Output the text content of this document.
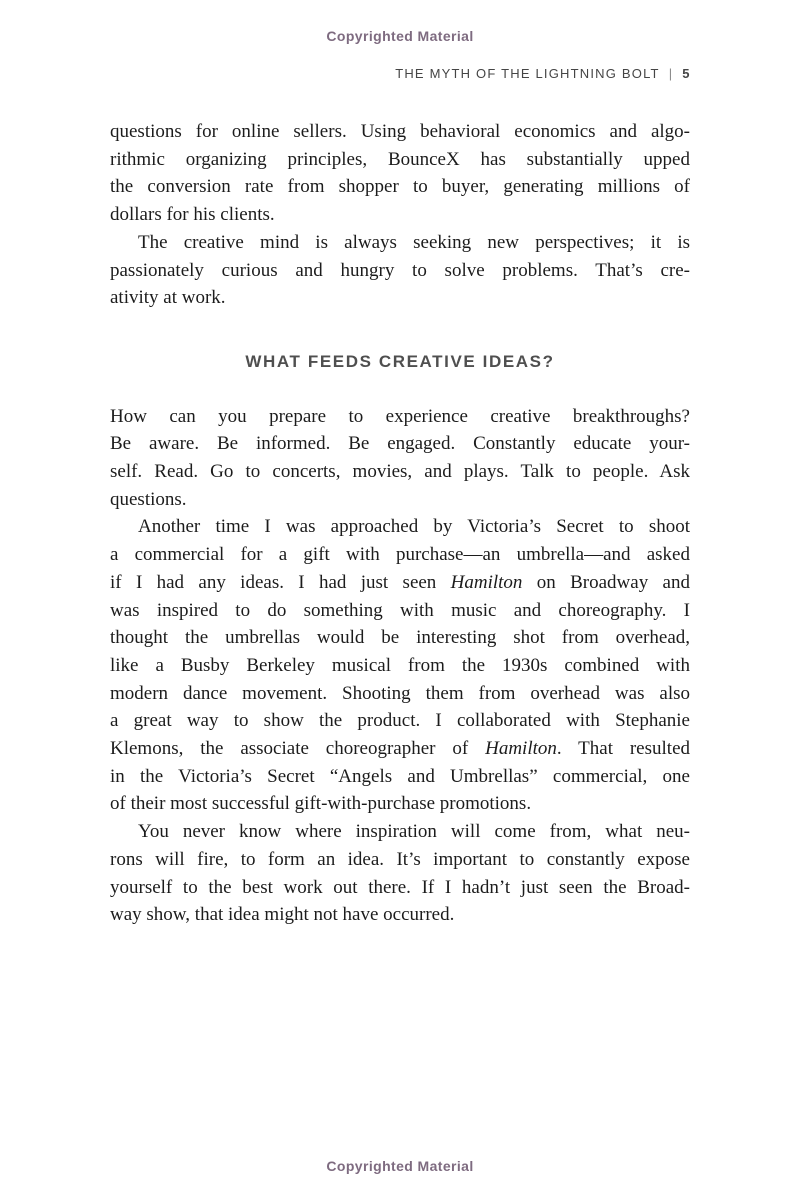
Copyrighted Material
THE MYTH OF THE LIGHTNING BOLT | 5
questions for online sellers. Using behavioral economics and algo-
rithmic organizing principles, BounceX has substantially upped
the conversion rate from shopper to buyer, generating millions of
dollars for his clients.
The creative mind is always seeking new perspectives; it is
passionately curious and hungry to solve problems. That’s cre-
ativity at work.
WHAT FEEDS CREATIVE IDEAS?
How can you prepare to experience creative breakthroughs?
Be aware. Be informed. Be engaged. Constantly educate your-
self. Read. Go to concerts, movies, and plays. Talk to people. Ask
questions.
Another time I was approached by Victoria’s Secret to shoot
a commercial for a gift with purchase—an umbrella—and asked
if I had any ideas. I had just seen Hamilton on Broadway and
was inspired to do something with music and choreography. I
thought the umbrellas would be interesting shot from overhead,
like a Busby Berkeley musical from the 1930s combined with
modern dance movement. Shooting them from overhead was also
a great way to show the product. I collaborated with Stephanie
Klemons, the associate choreographer of Hamilton. That resulted
in the Victoria’s Secret “Angels and Umbrellas” commercial, one
of their most successful gift-with-purchase promotions.
You never know where inspiration will come from, what neu-
rons will fire, to form an idea. It’s important to constantly expose
yourself to the best work out there. If I hadn’t just seen the Broad-
way show, that idea might not have occurred.
Copyrighted Material
